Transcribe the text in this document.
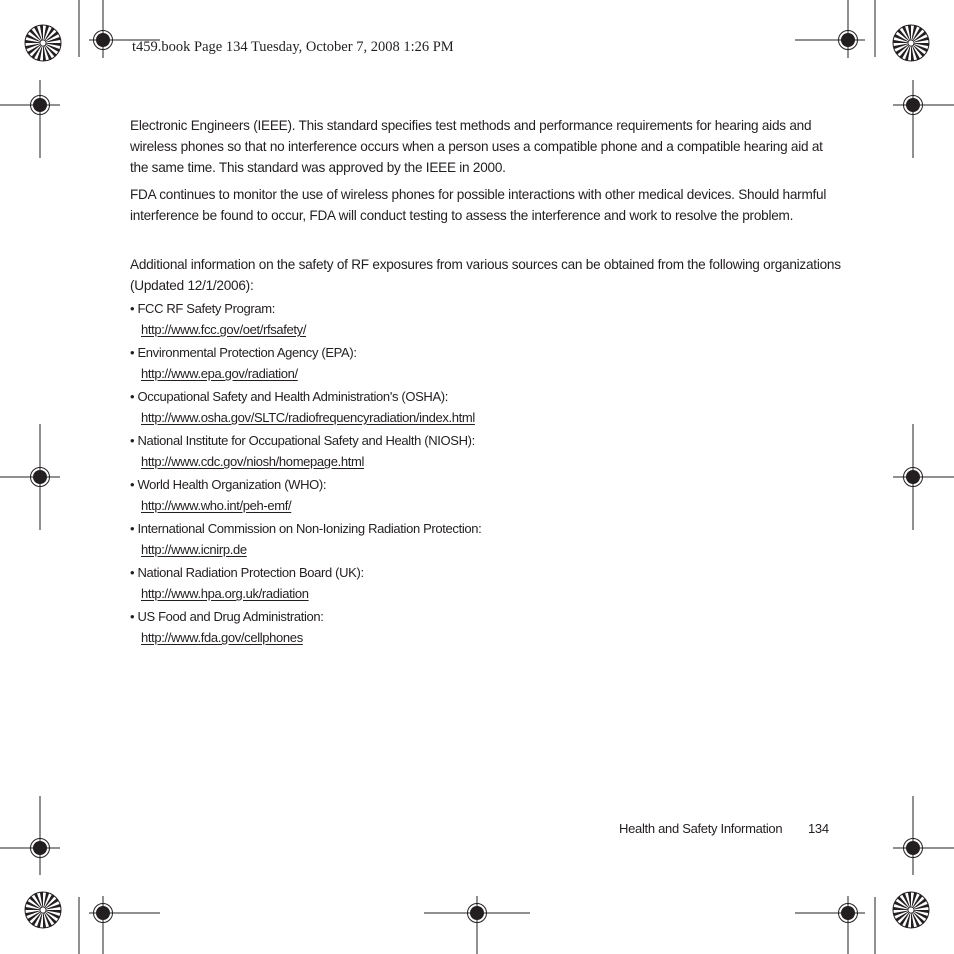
t459.book Page 134 Tuesday, October 7, 2008 1:26 PM

Electronic Engineers (IEEE). This standard specifies test methods and performance requirements for hearing aids and wireless phones so that no interference occurs when a person uses a compatible phone and a compatible hearing aid at the same time. This standard was approved by the IEEE in 2000.

FDA continues to monitor the use of wireless phones for possible interactions with other medical devices. Should harmful interference be found to occur, FDA will conduct testing to assess the interference and work to resolve the problem.

Additional information on the safety of RF exposures from various sources can be obtained from the following organizations (Updated 12/1/2006):

• FCC RF Safety Program:
http://www.fcc.gov/oet/rfsafety/
• Environmental Protection Agency (EPA):
http://www.epa.gov/radiation/
• Occupational Safety and Health Administration's (OSHA):
http://www.osha.gov/SLTC/radiofrequencyradiation/index.html
• National Institute for Occupational Safety and Health (NIOSH):
http://www.cdc.gov/niosh/homepage.html
• World Health Organization (WHO):
http://www.who.int/peh-emf/
• International Commission on Non-Ionizing Radiation Protection:
http://www.icnirp.de
• National Radiation Protection Board (UK):
http://www.hpa.org.uk/radiation
• US Food and Drug Administration:
http://www.fda.gov/cellphones
Health and Safety Information 134
